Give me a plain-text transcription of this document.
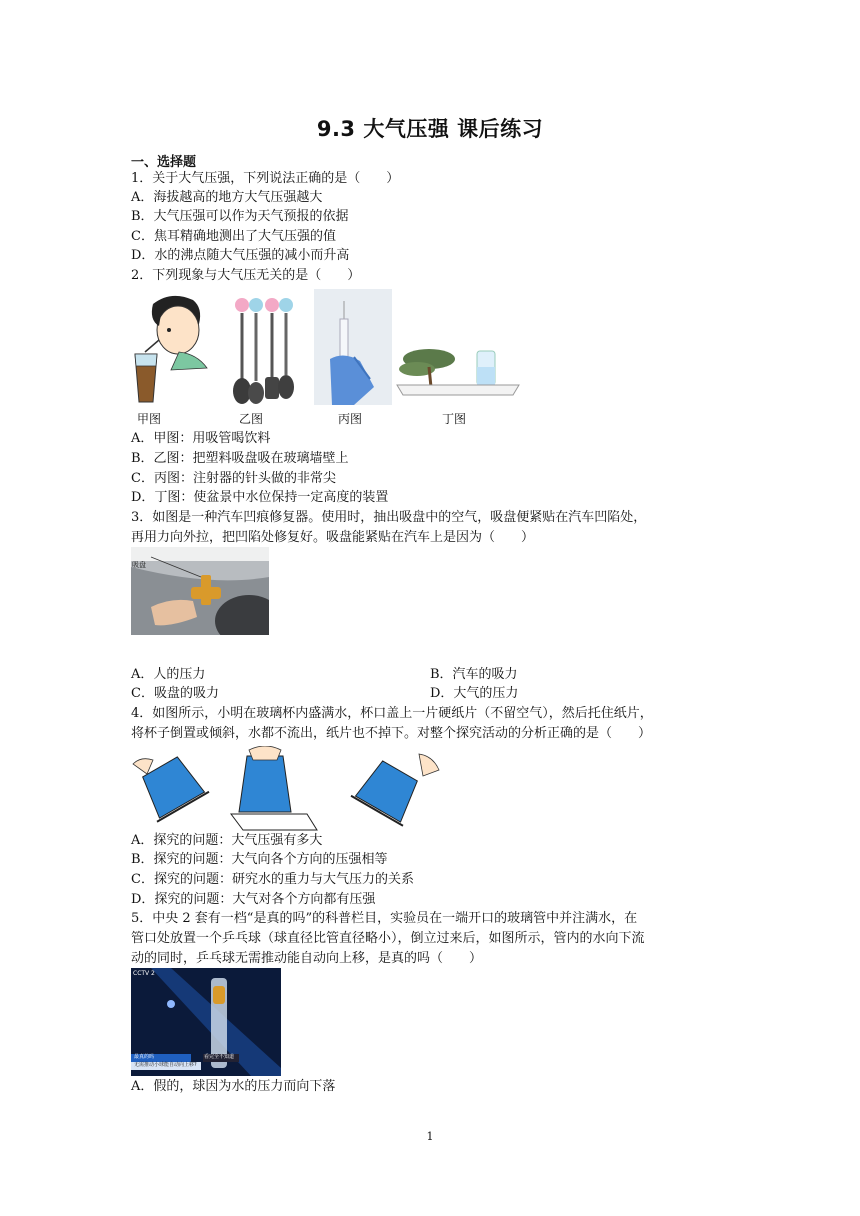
9.3 大气压强 课后练习
一、选择题
1．关于大气压强，下列说法正确的是（　　）
A．海拔越高的地方大气压强越大
B．大气压强可以作为天气预报的依据
C．焦耳精确地测出了大气压强的值
D．水的沸点随大气压强的减小而升高
2．下列现象与大气压无关的是（　　）
甲图	乙图	丙图	丁图
A．甲图：用吸管喝饮料
B．乙图：把塑料吸盘吸在玻璃墙壁上
C．丙图：注射器的针头做的非常尖
D．丁图：使盆景中水位保持一定高度的装置
3．如图是一种汽车凹痕修复器。使用时，抽出吸盘中的空气，吸盘便紧贴在汽车凹陷处，
再用力向外拉，把凹陷处修复好。吸盘能紧贴在汽车上是因为（　　）
吸盘
A．人的压力	B．汽车的吸力
C．吸盘的吸力	D．大气的压力
4．如图所示，小明在玻璃杯内盛满水，杯口盖上一片硬纸片（不留空气），然后托住纸片，
将杯子倒置或倾斜，水都不流出，纸片也不掉下。对整个探究活动的分析正确的是（　　）
A．探究的问题：大气压强有多大
B．探究的问题：大气向各个方向的压强相等
C．探究的问题：研究水的重力与大气压力的关系
D．探究的问题：大气对各个方向都有压强
5．中央 2 套有一档“是真的吗”的科普栏目，实验员在一端开口的玻璃管中并注满水，在
管口处放置一个乒乓球（球直径比管直径略小），倒立过来后，如图所示，管内的水向下流
动的同时，乒乓球无需推动能自动向上移，是真的吗（　　）
CCTV 2
最真的吗
无需推动小球能自动向上移?
看完全不知道
A．假的，球因为水的压力而向下落
1
